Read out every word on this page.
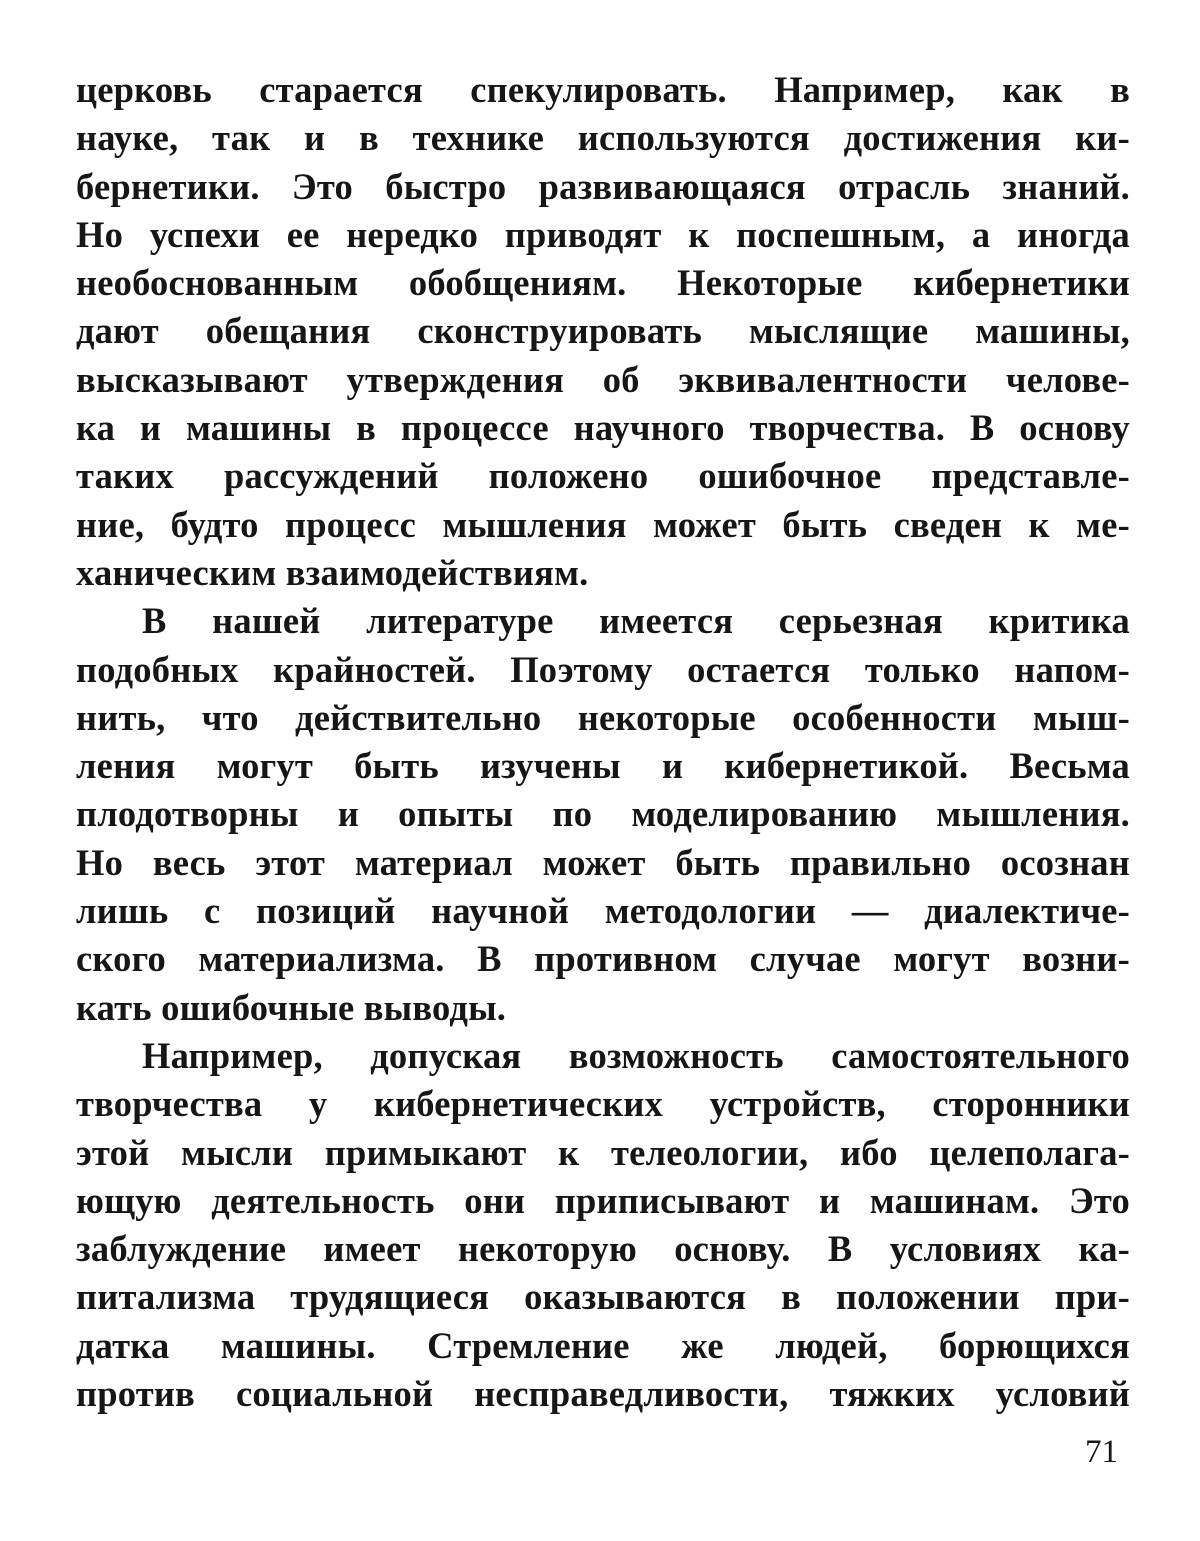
церковь старается спекулировать. Например, как в
науке, так и в технике используются достижения ки-
бернетики. Это быстро развивающаяся отрасль знаний.
Но успехи ее нередко приводят к поспешным, а иногда
необоснованным обобщениям. Некоторые кибернетики
дают обещания сконструировать мыслящие машины,
высказывают утверждения об эквивалентности челове-
ка и машины в процессе научного творчества. В основу
таких рассуждений положено ошибочное представле-
ние, будто процесс мышления может быть сведен к ме-
ханическим взаимодействиям.

В нашей литературе имеется серьезная критика
подобных крайностей. Поэтому остается только напом-
нить, что действительно некоторые особенности мыш-
ления могут быть изучены и кибернетикой. Весьма
плодотворны и опыты по моделированию мышления.
Но весь этот материал может быть правильно осознан
лишь с позиций научной методологии — диалектиче-
ского материализма. В противном случае могут возни-
кать ошибочные выводы.

Например, допуская возможность самостоятельного
творчества у кибернетических устройств, сторонники
этой мысли примыкают к телеологии, ибо целеполага-
ющую деятельность они приписывают и машинам. Это
заблуждение имеет некоторую основу. В условиях ка-
питализма трудящиеся оказываются в положении при-
датка машины. Стремление же людей, борющихся
против социальной несправедливости, тяжких условий

71
